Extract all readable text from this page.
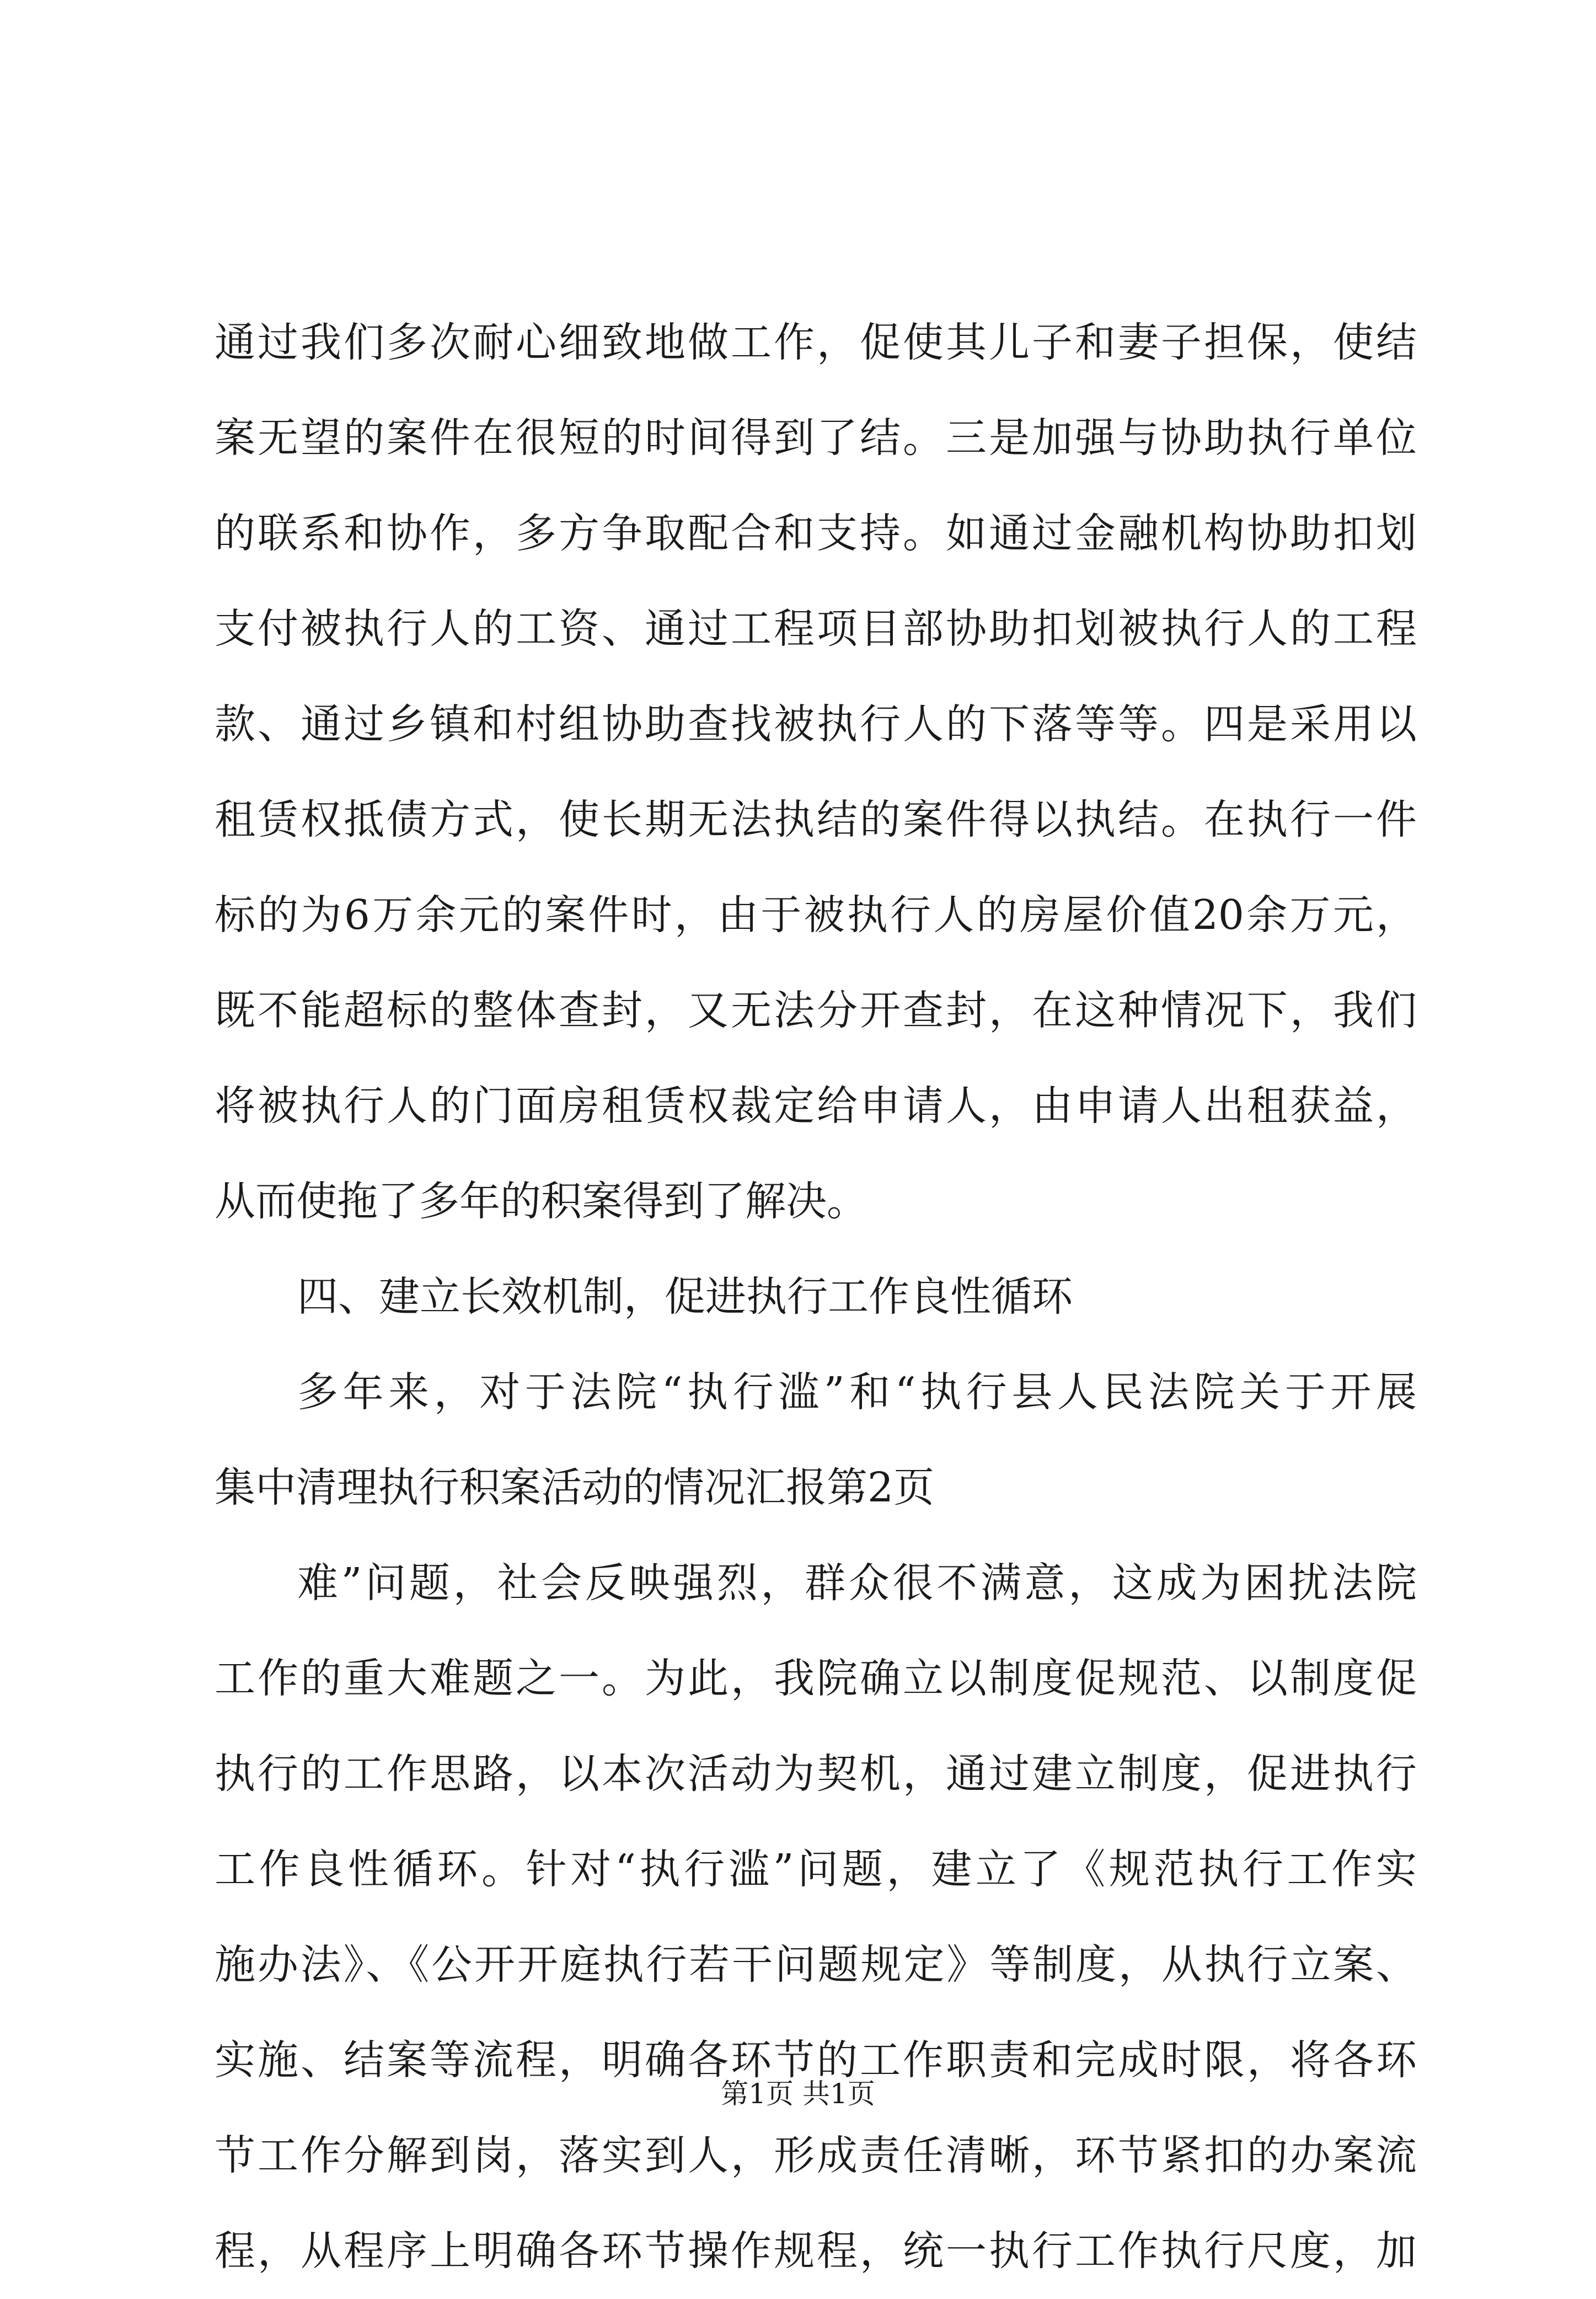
通过我们多次耐心细致地做工作，促使其儿子和妻子担保，使结
案无望的案件在很短的时间得到了结。三是加强与协助执行单位
的联系和协作，多方争取配合和支持。如通过金融机构协助扣划
支付被执行人的工资、通过工程项目部协助扣划被执行人的工程
款、通过乡镇和村组协助查找被执行人的下落等等。四是采用以
租赁权抵债方式，使长期无法执结的案件得以执结。在执行一件
标的为6万余元的案件时，由于被执行人的房屋价值20余万元，
既不能超标的整体查封，又无法分开查封，在这种情况下，我们
将被执行人的门面房租赁权裁定给申请人，由申请人出租获益，
从而使拖了多年的积案得到了解决。
四、建立长效机制，促进执行工作良性循环
多年来，对于法院“执行滥”和“执行县人民法院关于开展
集中清理执行积案活动的情况汇报第2页
难”问题，社会反映强烈，群众很不满意，这成为困扰法院
工作的重大难题之一。为此，我院确立以制度促规范、以制度促
执行的工作思路，以本次活动为契机，通过建立制度，促进执行
工作良性循环。针对“执行滥”问题，建立了《规范执行工作实
施办法》、《公开开庭执行若干问题规定》等制度，从执行立案、
实施、结案等流程，明确各环节的工作职责和完成时限，将各环
节工作分解到岗，落实到人，形成责任清晰，环节紧扣的办案流
程，从程序上明确各环节操作规程，统一执行工作执行尺度，加
第1页 共1页
